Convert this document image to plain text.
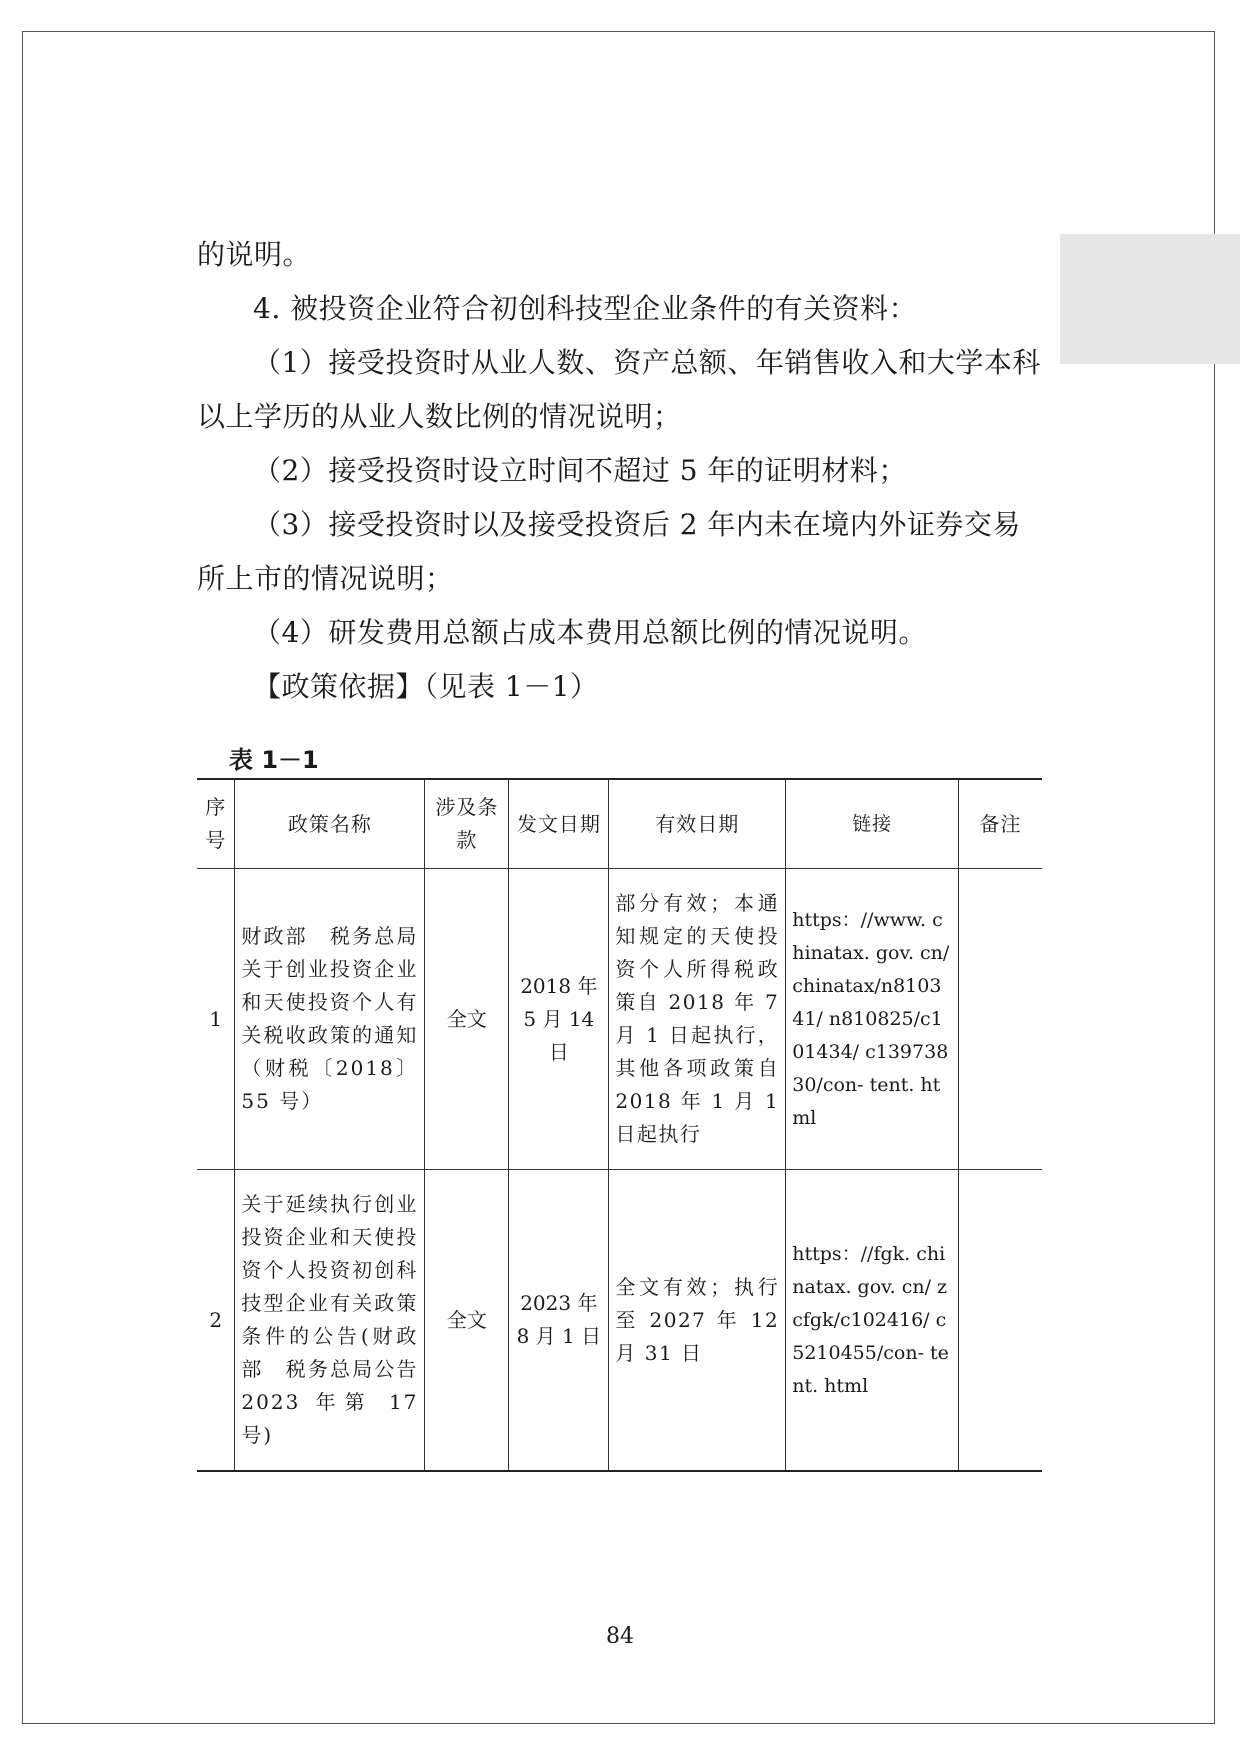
的说明。

4. 被投资企业符合初创科技型企业条件的有关资料：

（1）接受投资时从业人数、资产总额、年销售收入和大学本科以上学历的从业人数比例的情况说明；

（2）接受投资时设立时间不超过 5 年的证明材料；

（3）接受投资时以及接受投资后 2 年内未在境内外证券交易所上市的情况说明；

（4）研发费用总额占成本费用总额比例的情况说明。

【政策依据】（见表 1－1）

表 1－1
序号	政策名称	涉及条款	发文日期	有效日期	链接	备注
1	财政部　税务总局关于创业投资企业和天使投资个人有关税收政策的通知（财税〔2018〕55 号）	全文	2018 年 5 月 14 日	部分有效；本通知规定的天使投资个人所得税政策自 2018 年 7 月 1 日起执行，其他各项政策自 2018 年 1 月 1 日起执行	https：//www. chinatax. gov. cn/ chinatax/n810341/ n810825/c101434/ c13973830/con- tent. html	
2	关于延续执行创业投资企业和天使投资个人投资初创科技型企业有关政策条件的公告(财政部　税务总局公告 2023 年第 17 号)	全文	2023 年 8 月 1 日	全文有效；执行至 2027 年 12 月 31 日	https：//fgk. chinatax. gov. cn/ zcfgk/c102416/ c5210455/con- tent. html	
84
